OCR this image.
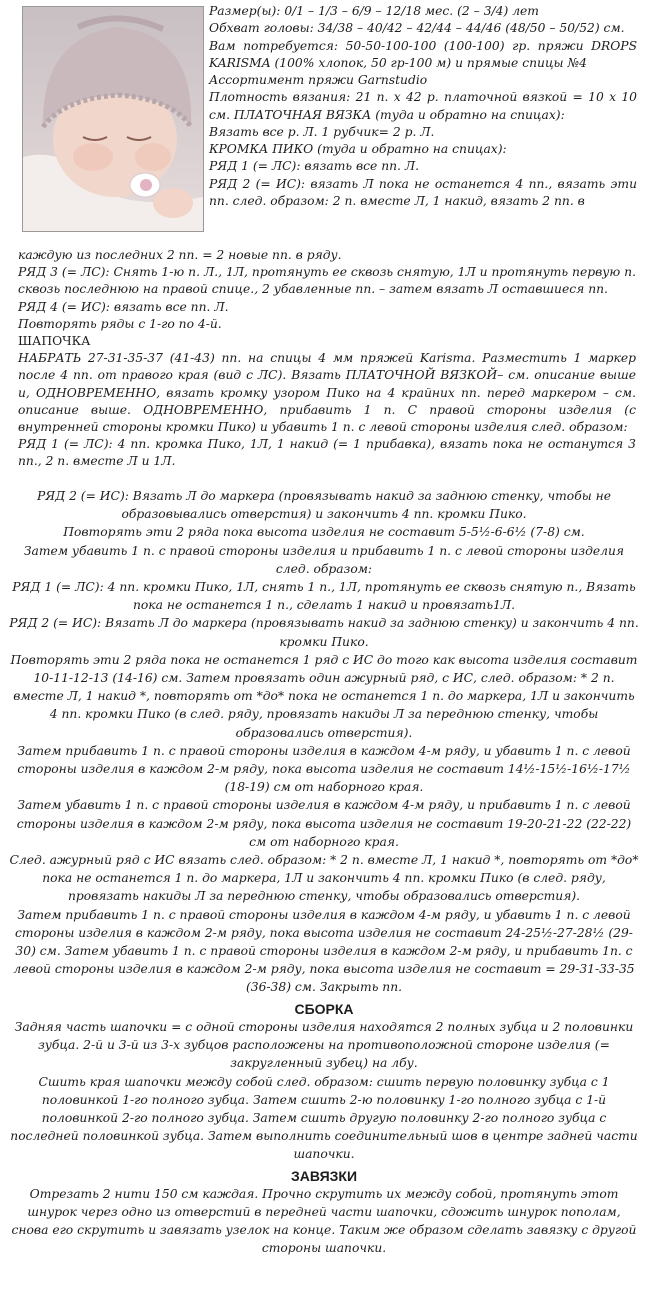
Размер(ы): 0/1 – 1/3 – 6/9 – 12/18 мес. (2 – 3/4) лет

Обхват головы: 34/38 – 40/42 – 42/44 – 44/46 (48/50 – 50/52) см.

Вам потребуется: 50-50-100-100 (100-100) гр. пряжи DROPS KARISMA (100% хлопок, 50 гр-100 м) и прямые спицы №4

Ассортимент пряжи Garnstudio

Плотность вязания: 21 п. х 42 р. платочной вязкой = 10 х 10 см. ПЛАТОЧНАЯ ВЯЗКА (туда и обратно на спицах):

Вязать все р. Л. 1 рубчик= 2 р. Л.

КРОМКА ПИКО (туда и обратно на спицах):

РЯД 1 (= ЛС): вязать все пп. Л.

РЯД 2 (= ИС): вязать Л пока не останется 4 пп., вязать эти пп. след. образом: 2 п. вместе Л, 1 накид, вязать 2 пп. в

каждую из последних 2 пп. = 2 новые пп. в ряду.

РЯД 3 (= ЛС): Снять 1-ю п. Л., 1Л, протянуть ее сквозь снятую, 1Л и протянуть первую п. сквозь последнюю на правой спице., 2 убавленные пп. – затем вязать Л оставшиеся пп.

РЯД 4 (= ИС): вязать все пп. Л.

Повторять ряды с 1-го по 4-й.

ШАПОЧКА

НАБРАТЬ 27-31-35-37 (41-43) пп. на спицы 4 мм пряжей Karisma. Разместить 1 маркер после 4 пп. от правого края (вид с ЛС). Вязать ПЛАТОЧНОЙ ВЯЗКОЙ– см. описание выше и, ОДНОВРЕМЕННО, вязать кромку узором Пико на 4 крайних пп. перед маркером – см. описание выше. ОДНОВРЕМЕННО, прибавить 1 п. С правой стороны изделия (с внутренней стороны кромки Пико) и убавить 1 п. с левой стороны изделия след. образом:

РЯД 1 (= ЛС): 4 пп. кромка Пико, 1Л, 1 накид (= 1 прибавка), вязать пока не останутся 3 пп., 2 п. вместе Л и 1Л.

РЯД 2 (= ИС): Вязать Л до маркера (провязывать накид за заднюю стенку, чтобы не образовывались отверстия) и закончить 4 пп. кромки Пико.

Повторять эти 2 ряда пока высота изделия не составит 5-5½-6-6½ (7-8) см.

Затем убавить 1 п. с правой стороны изделия и прибавить 1 п. с левой стороны изделия след. образом:

РЯД 1 (= ЛС): 4 пп. кромки Пико, 1Л, снять 1 п., 1Л, протянуть ее сквозь снятую п., Вязать пока не останется 1 п., сделать 1 накид и провязать1Л.

РЯД 2 (= ИС): Вязать Л до маркера (провязывать накид за заднюю стенку) и закончить 4 пп. кромки Пико.

Повторять эти 2 ряда пока не останется 1 ряд с ИС до того как высота изделия составит 10-11-12-13 (14-16) см. Затем провязать один ажурный ряд, с ИС, след. образом: * 2 п. вместе Л, 1 накид *, повторять от *до* пока не останется 1 п. до маркера, 1Л и закончить 4 пп. кромки Пико (в след. ряду, провязать накиды Л за переднюю стенку, чтобы образовались отверстия).

Затем прибавить 1 п. с правой стороны изделия в каждом 4-м ряду, и убавить 1 п. с левой стороны изделия в каждом 2-м ряду, пока высота изделия не составит 14½-15½-16½-17½ (18-19) см от наборного края.

Затем убавить 1 п. с правой стороны изделия в каждом 4-м ряду, и прибавить 1 п. с левой стороны изделия в каждом 2-м ряду, пока высота изделия не составит 19-20-21-22 (22-22) см от наборного края.

След. ажурный ряд с ИС вязать след. образом: * 2 п. вместе Л, 1 накид *, повторять от *до* пока не останется 1 п. до маркера, 1Л и закончить 4 пп. кромки Пико (в след. ряду, провязать накиды Л за переднюю стенку, чтобы образовались отверстия).

Затем прибавить 1 п. с правой стороны изделия в каждом 4-м ряду, и убавить 1 п. с левой стороны изделия в каждом 2-м ряду, пока высота изделия не составит 24-25½-27-28½ (29-30) см. Затем убавить 1 п. с правой стороны изделия в каждом 2-м ряду, и прибавить 1п. с левой стороны изделия в каждом 2-м ряду, пока высота изделия не составит = 29-31-33-35 (36-38) см. Закрыть пп.

СБОРКА

Задняя часть шапочки = с одной стороны изделия находятся 2 полных зубца и 2 половинки зубца. 2-й и 3-й из 3-х зубцов расположены на противоположной стороне изделия (= закругленный зубец) на лбу.

Сшить края шапочки между собой след. образом: сшить первую половинку зубца с 1 половинкой 1-го полного зубца. Затем сшить 2-ю половинку 1-го полного зубца с 1-й половинкой 2-го полного зубца. Затем сшить другую половинку 2-го полного зубца с последней половинкой зубца. Затем выполнить соединительный шов в центре задней части шапочки.

ЗАВЯЗКИ

Отрезать 2 нити 150 см каждая. Прочно скрутить их между собой, протянуть этот шнурок через одно из отверстий в передней части шапочки, сдожить шнурок пополам, снова его скрутить и завязать узелок на конце. Таким же образом сделать завязку с другой стороны шапочки.
